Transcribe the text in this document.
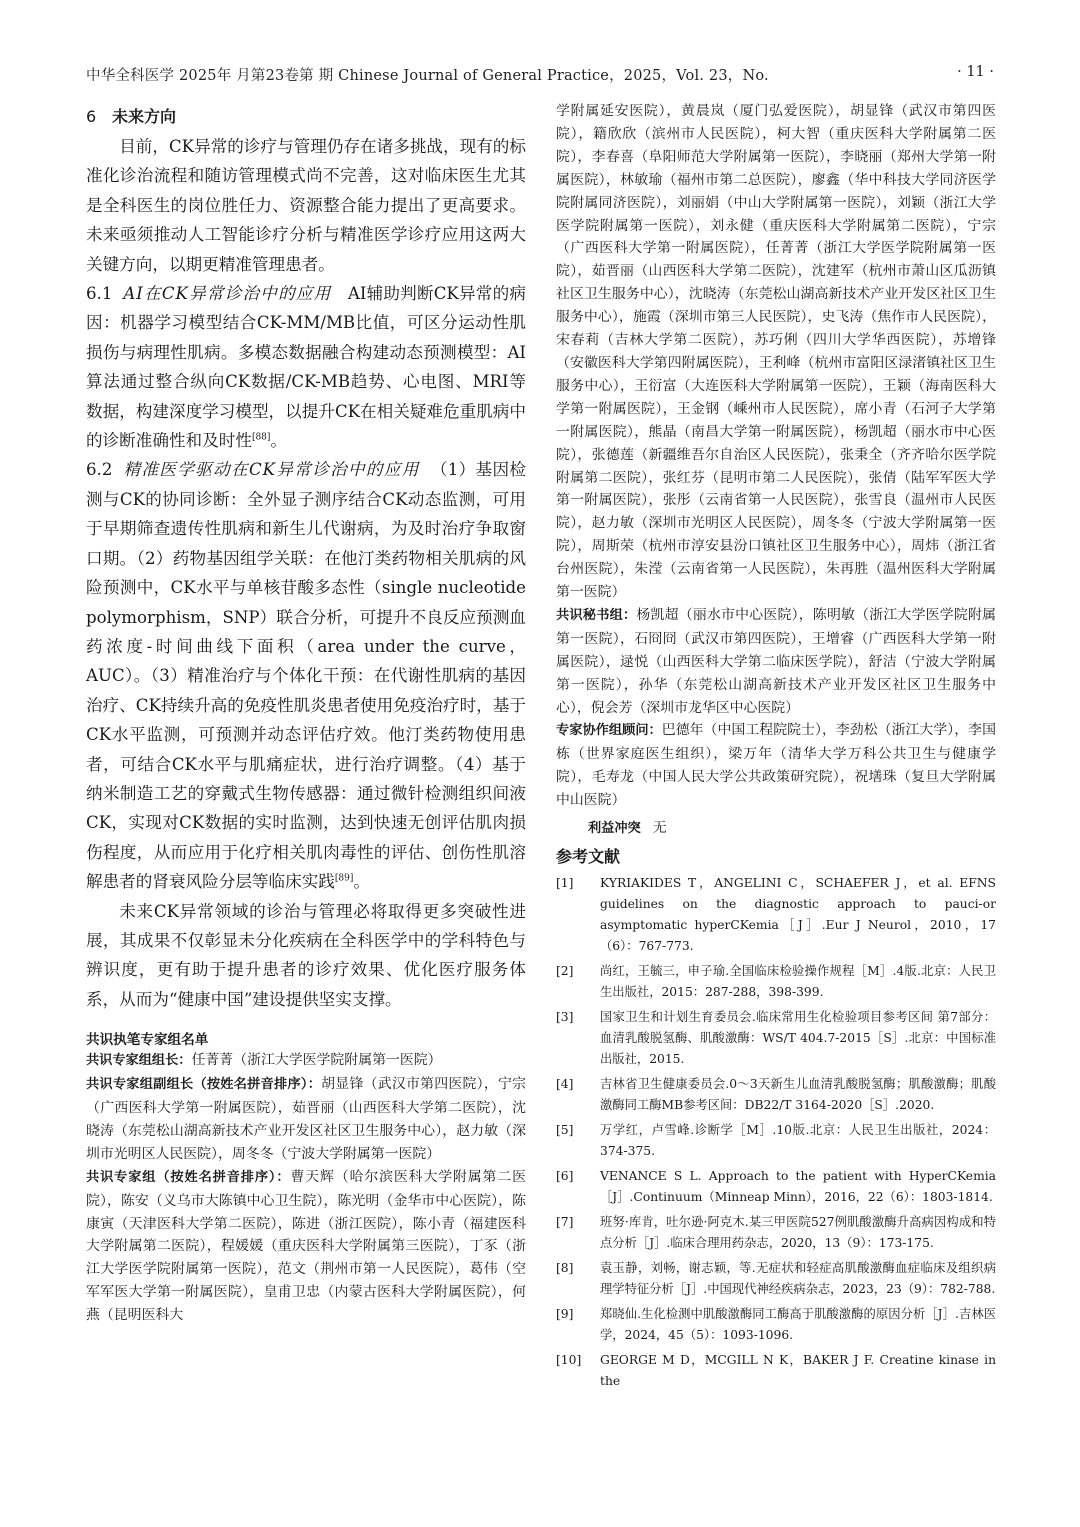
中华全科医学 2025年 月第23卷第 期 Chinese Journal of General Practice，2025，Vol. 23，No.	· 11 ·
6 未来方向

目前，CK异常的诊疗与管理仍存在诸多挑战，现有的标准化诊治流程和随访管理模式尚不完善，这对临床医生尤其是全科医生的岗位胜任力、资源整合能力提出了更高要求。未来亟须推动人工智能诊疗分析与精准医学诊疗应用这两大关键方向，以期更精准管理患者。

6.1 AI在CK异常诊治中的应用 AI辅助判断CK异常的病因：机器学习模型结合CK-MM/MB比值，可区分运动性肌损伤与病理性肌病。多模态数据融合构建动态预测模型：AI算法通过整合纵向CK数据/CK-MB趋势、心电图、MRI等数据，构建深度学习模型，以提升CK在相关疑难危重肌病中的诊断准确性和及时性[88]。

6.2 精准医学驱动在CK异常诊治中的应用 （1）基因检测与CK的协同诊断：全外显子测序结合CK动态监测，可用于早期筛查遗传性肌病和新生儿代谢病，为及时治疗争取窗口期。（2）药物基因组学关联：在他汀类药物相关肌病的风险预测中，CK水平与单核苷酸多态性（single nucleotide polymorphism，SNP）联合分析，可提升不良反应预测血药浓度-时间曲线下面积（area under the curve，AUC）。（3）精准治疗与个体化干预：在代谢性肌病的基因治疗、CK持续升高的免疫性肌炎患者使用免疫治疗时，基于CK水平监测，可预测并动态评估疗效。他汀类药物使用患者，可结合CK水平与肌痛症状，进行治疗调整。（4）基于纳米制造工艺的穿戴式生物传感器：通过微针检测组织间液CK，实现对CK数据的实时监测，达到快速无创评估肌肉损伤程度，从而应用于化疗相关肌肉毒性的评估、创伤性肌溶解患者的肾衰风险分层等临床实践[89]。

未来CK异常领域的诊治与管理必将取得更多突破性进展，其成果不仅彰显未分化疾病在全科医学中的学科特色与辨识度，更有助于提升患者的诊疗效果、优化医疗服务体系，从而为“健康中国”建设提供坚实支撑。

共识执笔专家组名单

共识专家组组长：任菁菁（浙江大学医学院附属第一医院）

共识专家组副组长（按姓名拼音排序）：胡显锋（武汉市第四医院），宁宗（广西医科大学第一附属医院），茹晋丽（山西医科大学第二医院），沈晓涛（东莞松山湖高新技术产业开发区社区卫生服务中心），赵力敏（深圳市光明区人民医院），周冬冬（宁波大学附属第一医院）

共识专家组（按姓名拼音排序）：曹天辉（哈尔滨医科大学附属第二医院），陈安（义乌市大陈镇中心卫生院），陈光明（金华市中心医院），陈康寅（天津医科大学第二医院），陈进（浙江医院），陈小青（福建医科大学附属第二医院），程媛媛（重庆医科大学附属第三医院），丁豕（浙江大学医学院附属第一医院），范文（荆州市第一人民医院），葛伟（空军军医大学第一附属医院），皇甫卫忠（内蒙古医科大学附属医院），何燕（昆明医科大

学附属延安医院），黄晨岚（厦门弘爱医院），胡显锋（武汉市第四医院），籍欣欣（滨州市人民医院），柯大智（重庆医科大学附属第二医院），李春喜（阜阳师范大学附属第一医院），李晓丽（郑州大学第一附属医院），林敏瑜（福州市第二总医院），廖鑫（华中科技大学同济医学院附属同济医院），刘丽娟（中山大学附属第一医院），刘颖（浙江大学医学院附属第一医院），刘永健（重庆医科大学附属第二医院），宁宗（广西医科大学第一附属医院），任菁菁（浙江大学医学院附属第一医院），茹晋丽（山西医科大学第二医院），沈建军（杭州市萧山区瓜沥镇社区卫生服务中心），沈晓涛（东莞松山湖高新技术产业开发区社区卫生服务中心），施霞（深圳市第三人民医院），史飞涛（焦作市人民医院），宋春莉（吉林大学第二医院），苏巧俐（四川大学华西医院），苏增锋（安徽医科大学第四附属医院），王利峰（杭州市富阳区渌渚镇社区卫生服务中心），王衍富（大连医科大学附属第一医院），王颖（海南医科大学第一附属医院），王金钢（嵊州市人民医院），席小青（石河子大学第一附属医院），熊晶（南昌大学第一附属医院），杨凯超（丽水市中心医院），张德莲（新疆维吾尔自治区人民医院），张秉全（齐齐哈尔医学院附属第二医院），张红芬（昆明市第二人民医院），张倩（陆军军医大学第一附属医院），张彤（云南省第一人民医院），张雪良（温州市人民医院），赵力敏（深圳市光明区人民医院），周冬冬（宁波大学附属第一医院），周斯荣（杭州市淳安县汾口镇社区卫生服务中心），周炜（浙江省台州医院），朱滢（云南省第一人民医院），朱再胜（温州医科大学附属第一医院）

共识秘书组：杨凯超（丽水市中心医院），陈明敏（浙江大学医学院附属第一医院），石冏冏（武汉市第四医院），王增睿（广西医科大学第一附属医院），逯悦（山西医科大学第二临床医学院），舒洁（宁波大学附属第一医院），孙华（东莞松山湖高新技术产业开发区社区卫生服务中心），倪会芳（深圳市龙华区中心医院）

专家协作组顾问：巴德年（中国工程院院士），李劲松（浙江大学），李国栋（世界家庭医生组织），梁万年（清华大学万科公共卫生与健康学院），毛寿龙（中国人民大学公共政策研究院），祝墡珠（复旦大学附属中山医院）

利益冲突 无
参考文献
[1] KYRIAKIDES T，ANGELINI C，SCHAEFER J，et al. EFNS guidelines on the diagnostic approach to pauci-or asymptomatic hyperCKemia［J］.Eur J Neurol，2010，17（6）：767-773.
[2] 尚红，王毓三，申子瑜.全国临床检验操作规程［M］.4版.北京：人民卫生出版社，2015：287-288，398-399.
[3] 国家卫生和计划生育委员会.临床常用生化检验项目参考区间 第7部分：血清乳酸脱氢酶、肌酸激酶：WS/T 404.7-2015［S］.北京：中国标准出版社，2015.
[4] 吉林省卫生健康委员会.0～3天新生儿血清乳酸脱氢酶；肌酸激酶；肌酸激酶同工酶MB参考区间：DB22/T 3164-2020［S］.2020.
[5] 万学红，卢雪峰.诊断学［M］.10版.北京：人民卫生出版社，2024：374-375.
[6] VENANCE S L. Approach to the patient with HyperCKemia［J］.Continuum（Minneap Minn），2016，22（6）：1803-1814.
[7] 班努·库肯，吐尔逊·阿克木.某三甲医院527例肌酸激酶升高病因构成和特点分析［J］.临床合理用药杂志，2020，13（9）：173-175.
[8] 袁玉静，刘畅，谢志颖，等.无症状和轻症高肌酸激酶血症临床及组织病理学特征分析［J］.中国现代神经疾病杂志，2023，23（9）：782-788.
[9] 郑晓仙.生化检测中肌酸激酶同工酶高于肌酸激酶的原因分析［J］.吉林医学，2024，45（5）：1093-1096.
[10] GEORGE M D，MCGILL N K，BAKER J F. Creatine kinase in the
